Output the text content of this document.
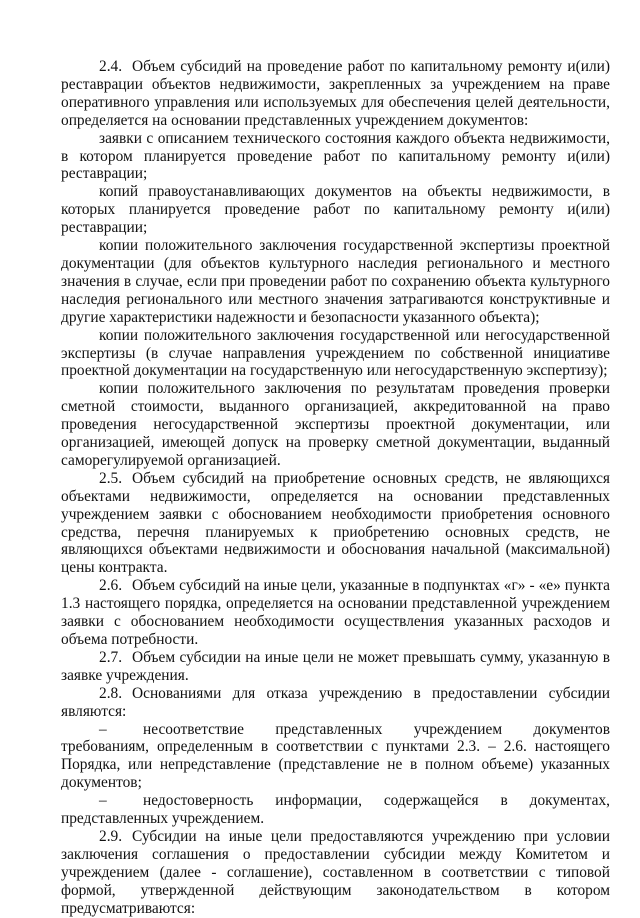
2.4. Объем субсидий на проведение работ по капитальному ремонту и(или) реставрации объектов недвижимости, закрепленных за учреждением на праве оперативного управления или используемых для обеспечения целей деятельности, определяется на основании представленных учреждением документов:

заявки с описанием технического состояния каждого объекта недвижимости, в котором планируется проведение работ по капитальному ремонту и(или) реставрации;

копий правоустанавливающих документов на объекты недвижимости, в которых планируется проведение работ по капитальному ремонту и(или) реставрации;

копии положительного заключения государственной экспертизы проектной документации (для объектов культурного наследия регионального и местного значения в случае, если при проведении работ по сохранению объекта культурного наследия регионального или местного значения затрагиваются конструктивные и другие характеристики надежности и безопасности указанного объекта);

копии положительного заключения государственной или негосударственной экспертизы (в случае направления учреждением по собственной инициативе проектной документации на государственную или негосударственную экспертизу);

копии положительного заключения по результатам проведения проверки сметной стоимости, выданного организацией, аккредитованной на право проведения негосударственной экспертизы проектной документации, или организацией, имеющей допуск на проверку сметной документации, выданный саморегулируемой организацией.

2.5. Объем субсидий на приобретение основных средств, не являющихся объектами недвижимости, определяется на основании представленных учреждением заявки с обоснованием необходимости приобретения основного средства, перечня планируемых к приобретению основных средств, не являющихся объектами недвижимости и обоснования начальной (максимальной) цены контракта.

2.6. Объем субсидий на иные цели, указанные в подпунктах «г» - «е» пункта 1.3 настоящего порядка, определяется на основании представленной учреждением заявки с обоснованием необходимости осуществления указанных расходов и объема потребности.

2.7. Объем субсидии на иные цели не может превышать сумму, указанную в заявке учреждения.

2.8. Основаниями для отказа учреждению в предоставлении субсидии являются:

– несоответствие представленных учреждением документов требованиям, определенным в соответствии с пунктами 2.3. – 2.6. настоящего Порядка, или непредставление (представление не в полном объеме) указанных документов;

– недостоверность информации, содержащейся в документах, представленных учреждением.

2.9. Субсидии на иные цели предоставляются учреждению при условии заключения соглашения о предоставлении субсидии между Комитетом и учреждением (далее - соглашение), составленном в соответствии с типовой формой, утвержденной действующим законодательством в котором предусматриваются:
